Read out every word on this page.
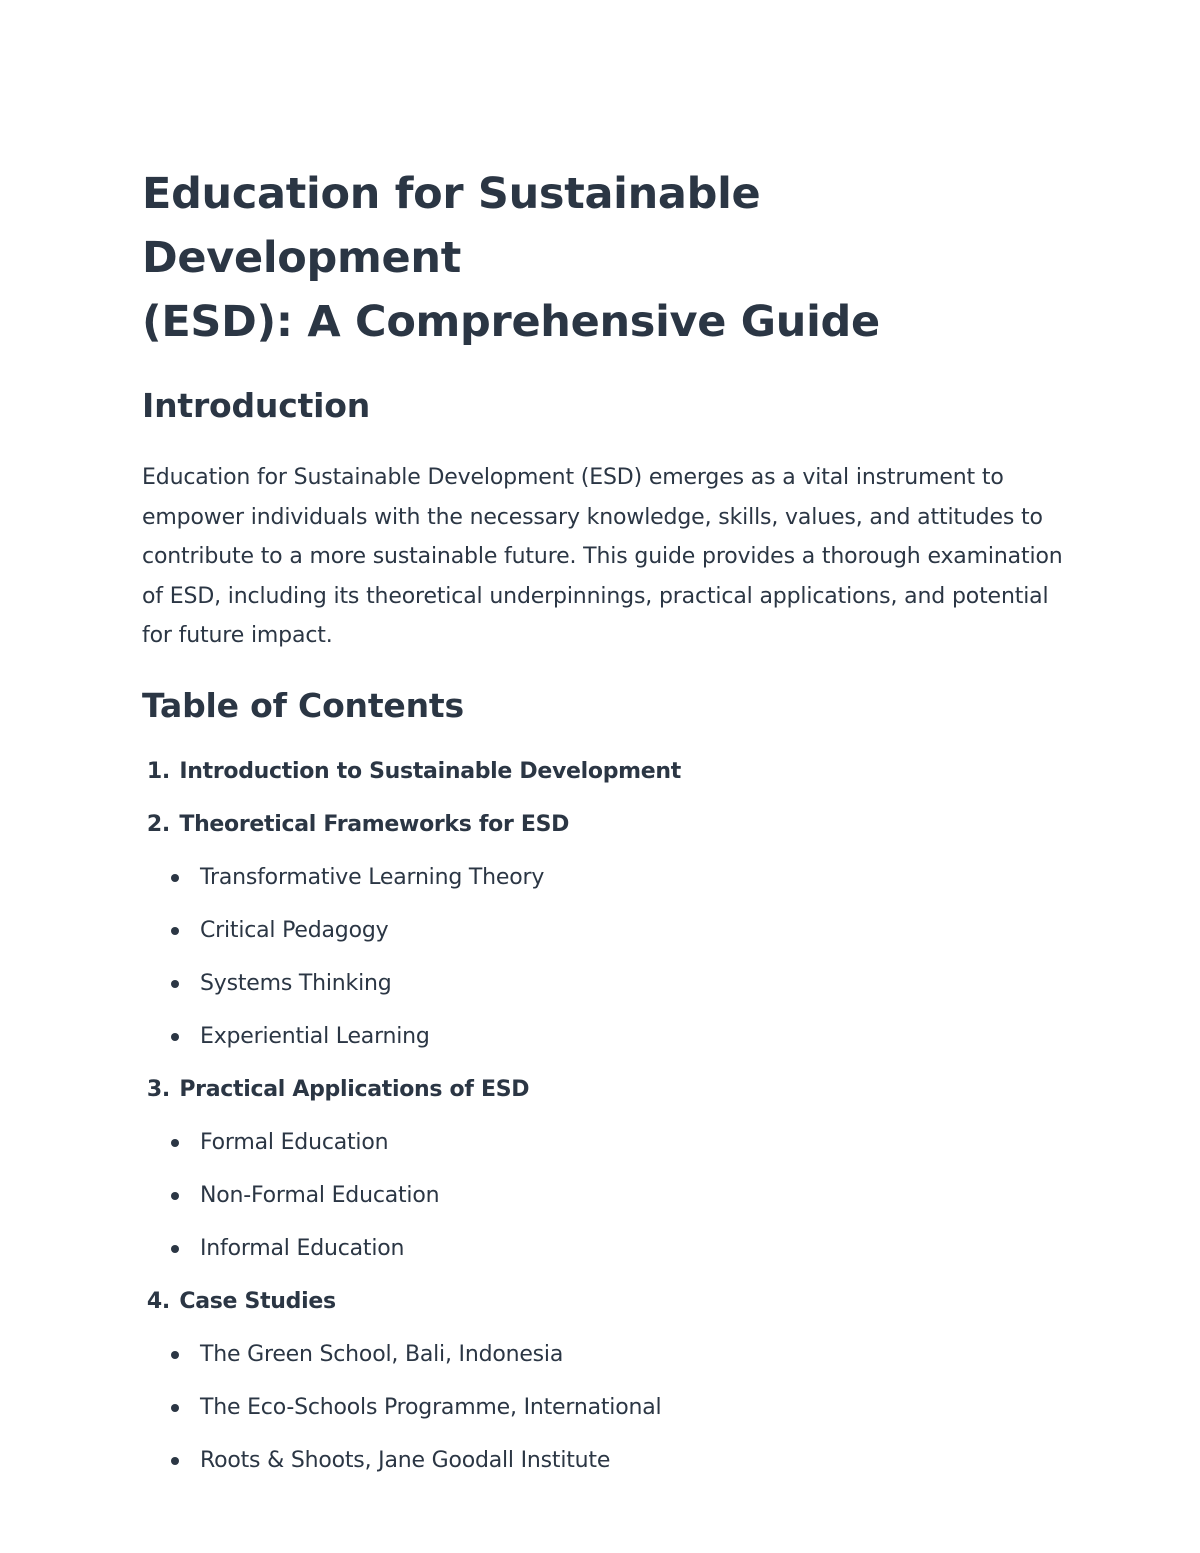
Education for Sustainable Development
(ESD): A Comprehensive Guide
Introduction

Education for Sustainable Development (ESD) emerges as a vital instrument to empower individuals with the necessary knowledge, skills, values, and attitudes to contribute to a more sustainable future. This guide provides a thorough examination of ESD, including its theoretical underpinnings, practical applications, and potential for future impact.

Table of Contents
1. Introduction to Sustainable Development
2. Theoretical Frameworks for ESD
Transformative Learning Theory
Critical Pedagogy
Systems Thinking
Experiential Learning
3. Practical Applications of ESD
Formal Education
Non-Formal Education
Informal Education
4. Case Studies
The Green School, Bali, Indonesia
The Eco-Schools Programme, International
Roots & Shoots, Jane Goodall Institute
